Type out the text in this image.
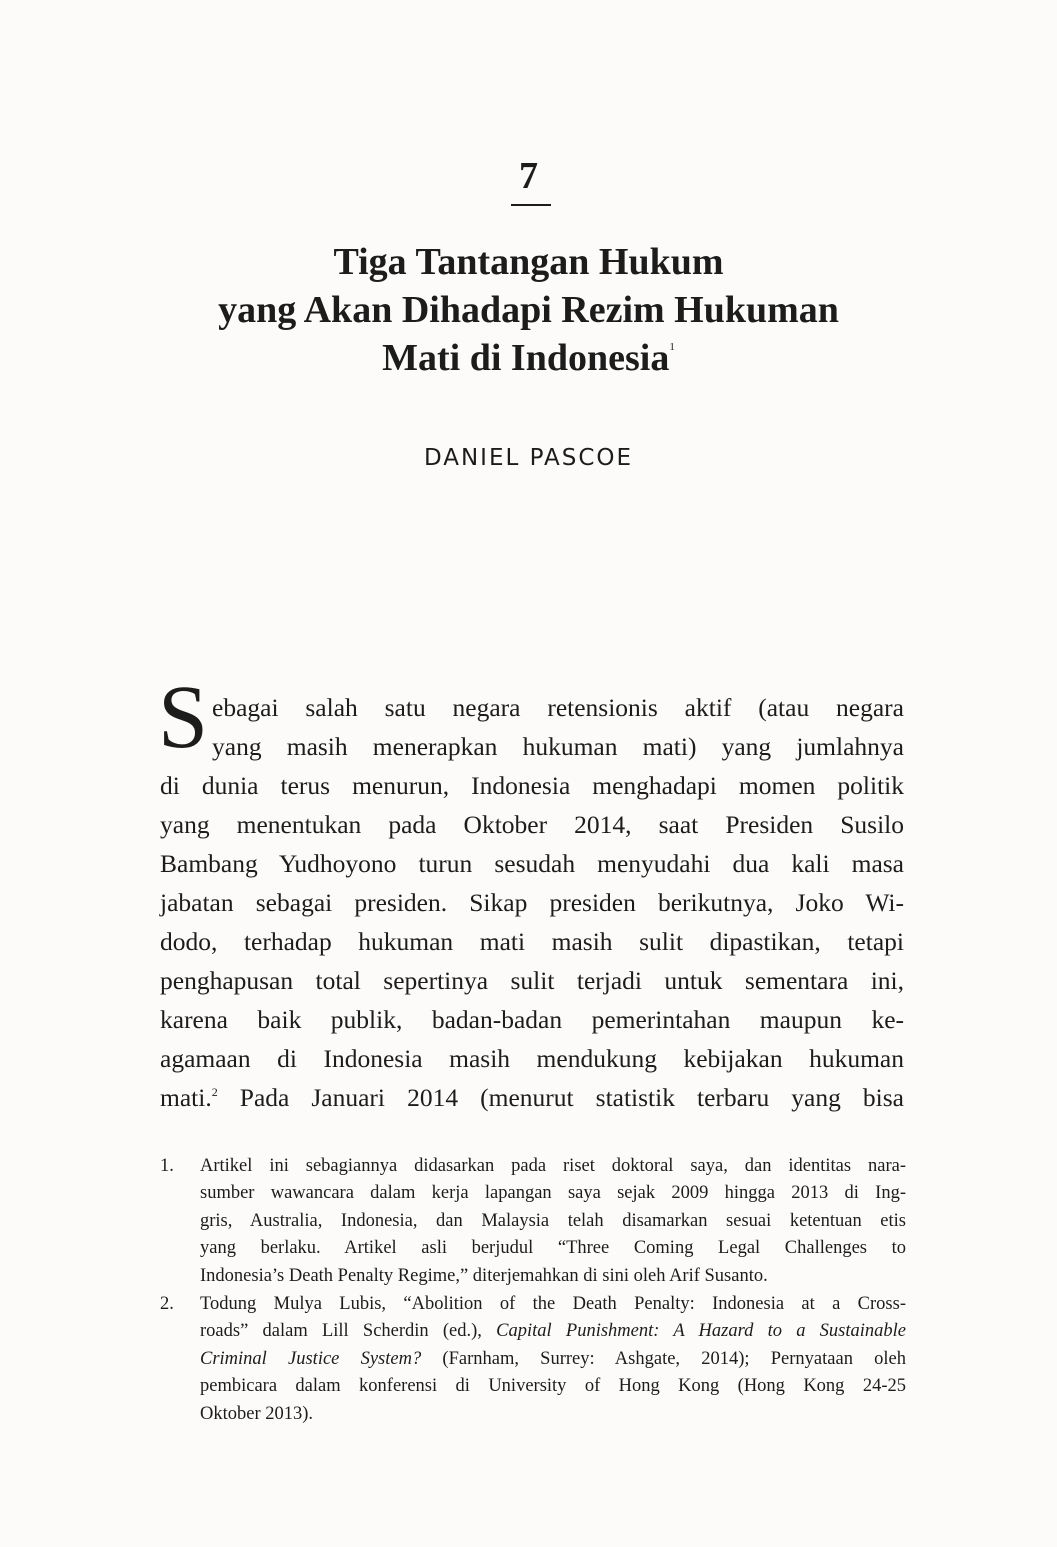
7
Tiga Tantangan Hukum
yang Akan Dihadapi Rezim Hukuman
Mati di Indonesia$^1$
DANIEL PASCOE
S ebagai salah satu negara retensionis aktif (atau negara
yang masih menerapkan hukuman mati) yang jumlahnya
di dunia terus menurun, Indonesia menghadapi momen politik
yang menentukan pada Oktober 2014, saat Presiden Susilo
Bambang Yudhoyono turun sesudah menyudahi dua kali masa
jabatan sebagai presiden. Sikap presiden berikutnya, Joko Wi-
dodo, terhadap hukuman mati masih sulit dipastikan, tetapi
penghapusan total sepertinya sulit terjadi untuk sementara ini,
karena baik publik, badan-badan pemerintahan maupun ke-
agamaan di Indonesia masih mendukung kebijakan hukuman
mati.$^2$ Pada Januari 2014 (menurut statistik terbaru yang bisa
1. Artikel ini sebagiannya didasarkan pada riset doktoral saya, dan identitas nara-
sumber wawancara dalam kerja lapangan saya sejak 2009 hingga 2013 di Ing-
gris, Australia, Indonesia, dan Malaysia telah disamarkan sesuai ketentuan etis
yang berlaku. Artikel asli berjudul “Three Coming Legal Challenges to
Indonesia’s Death Penalty Regime,” diterjemahkan di sini oleh Arif Susanto.
2. Todung Mulya Lubis, “Abolition of the Death Penalty: Indonesia at a Cross-
roads” dalam Lill Scherdin (ed.), Capital Punishment: A Hazard to a Sustainable
Criminal Justice System? (Farnham, Surrey: Ashgate, 2014); Pernyataan oleh
pembicara dalam konferensi di University of Hong Kong (Hong Kong 24-25
Oktober 2013).
